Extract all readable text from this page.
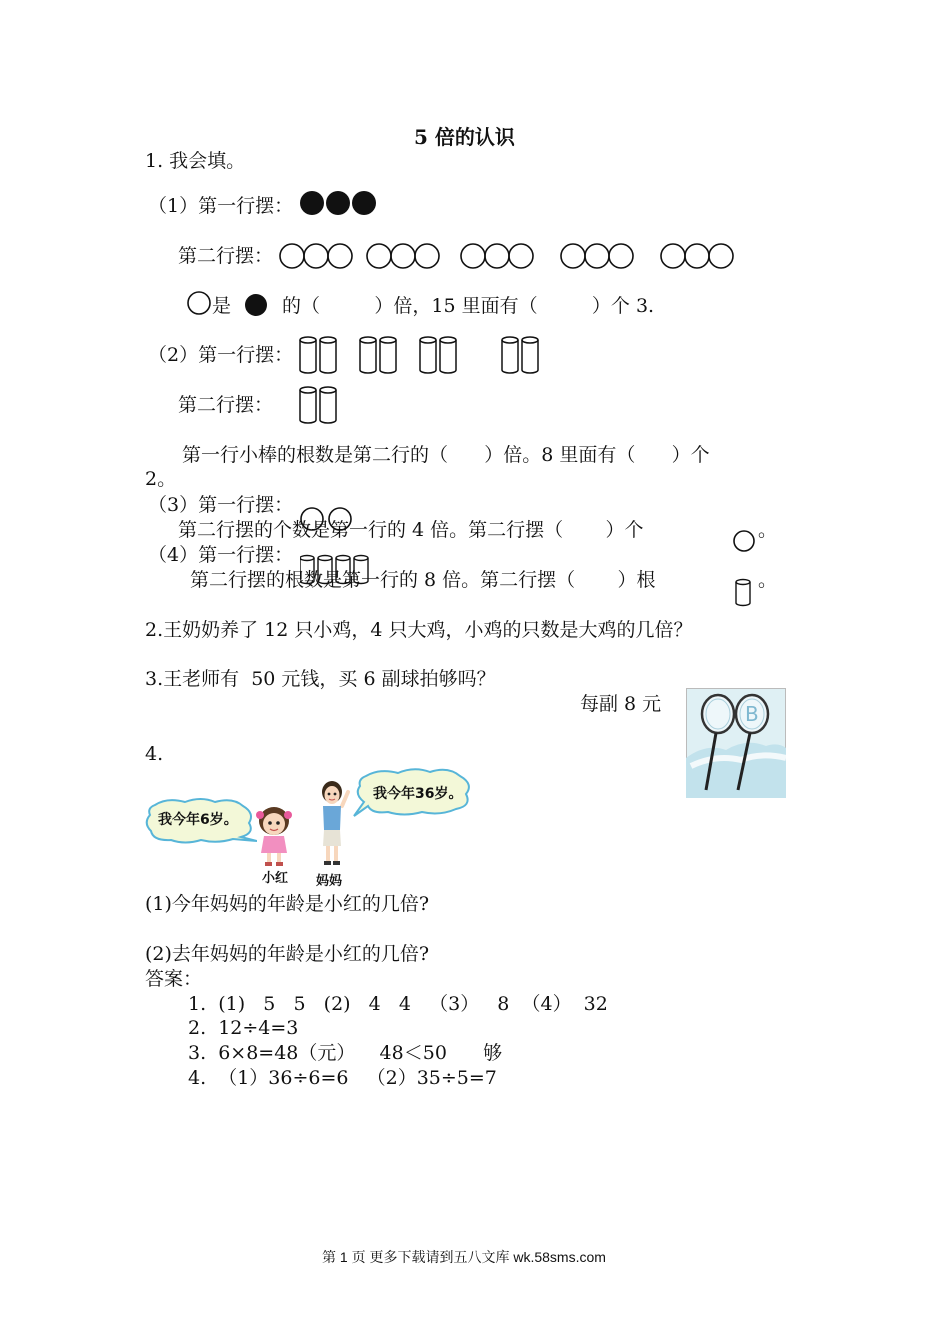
5 倍的认识
1. 我会填。
（1）第一行摆：
第二行摆：
是	的（         ）倍，15 里面有（         ）个 3.
（2）第一行摆：
第二行摆：
第一行小棒的根数是第二行的（      ）倍。8 里面有（      ）个
2。
（3）第一行摆：
第二行摆的个数是第一行的 4 倍。第二行摆（       ）个	。
（4）第一行摆：
第二行摆的根数是第一行的 8 倍。第二行摆（       ）根	。
2.王奶奶养了 12 只小鸡，4 只大鸡，小鸡的只数是大鸡的几倍？
3.王老师有  50 元钱，买 6 副球拍够吗？
每副 8 元	B
4.
我今年6岁。
小红 妈妈
我今年36岁。
(1)今年妈妈的年龄是小红的几倍?
(2)去年妈妈的年龄是小红的几倍?
答案：
1.  (1)   5   5   (2)   4   4   （3）   8  （4）  32
2.  12÷4=3
3.  6×8=48（元）    48＜50      够
4.  （1）36÷6=6   （2）35÷5=7
第 1 页 更多下载请到五八文库 wk.58sms.com
